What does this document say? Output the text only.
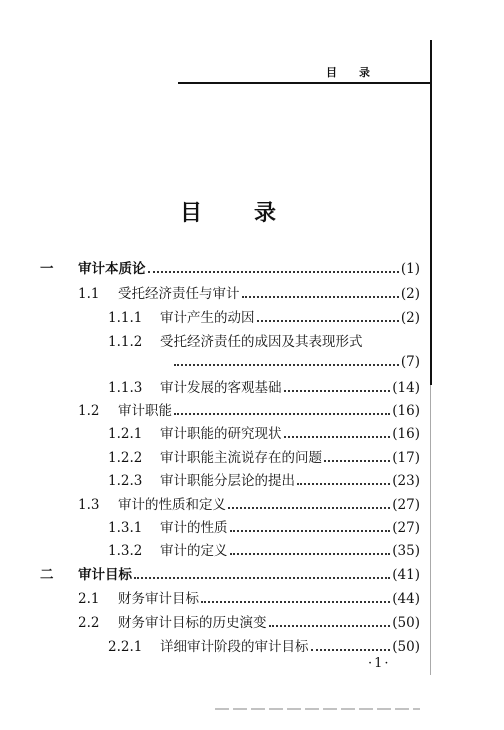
目录
目录
一	审计本质论	(1)
1.1	受托经济责任与审计	(2)
1.1.1	审计产生的动因	(2)
1.1.2	受托经济责任的成因及其表现形式
(7)
1.1.3	审计发展的客观基础	(14)
1.2	审计职能	(16)
1.2.1	审计职能的研究现状	(16)
1.2.2	审计职能主流说存在的问题	(17)
1.2.3	审计职能分层论的提出	(23)
1.3	审计的性质和定义	(27)
1.3.1	审计的性质	(27)
1.3.2	审计的定义	(35)
二	审计目标	(41)
2.1	财务审计目标	(44)
2.2	财务审计目标的历史演变	(50)
2.2.1	详细审计阶段的审计目标	(50)
·1·
